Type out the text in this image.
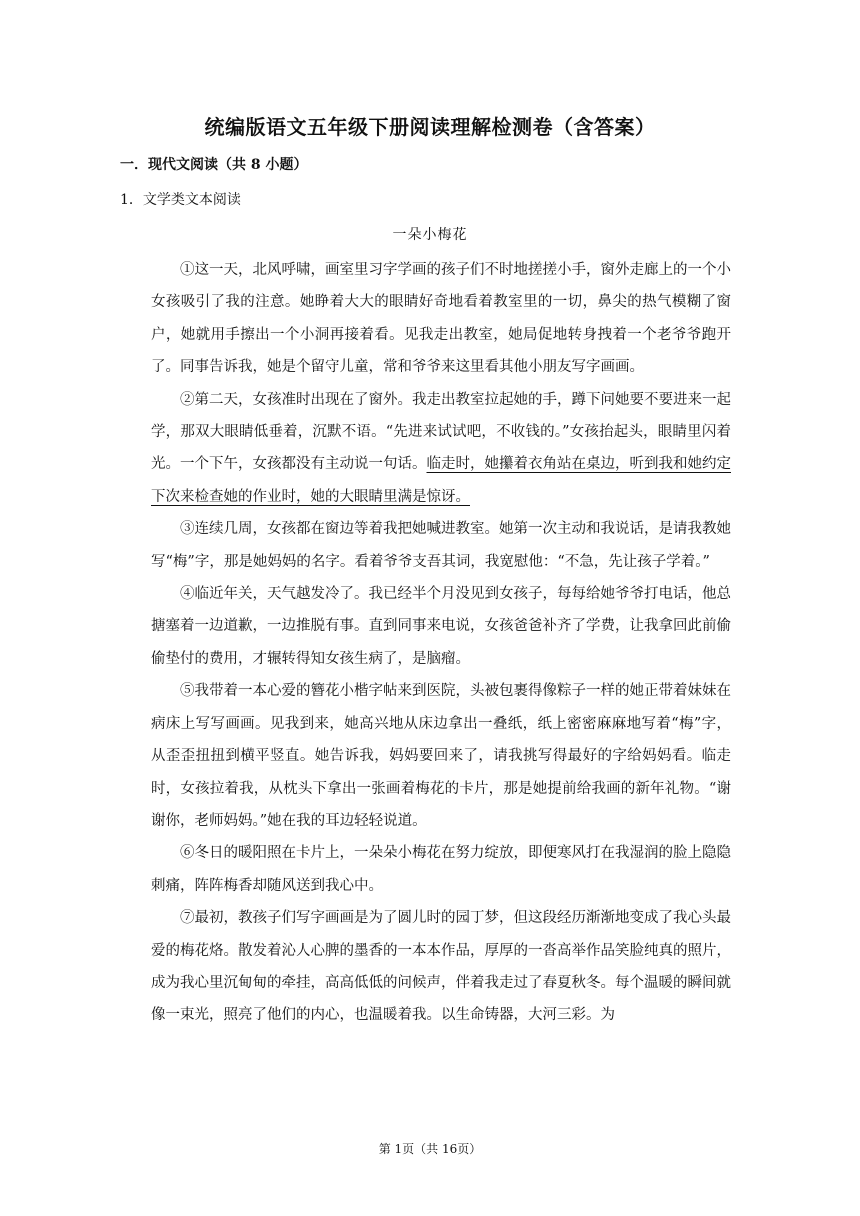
统编版语文五年级下册阅读理解检测卷（含答案）
一．现代文阅读（共 8 小题）
1．文学类文本阅读
一朵小梅花

①这一天，北风呼啸，画室里习字学画的孩子们不时地搓搓小手，窗外走廊上的一个小女孩吸引了我的注意。她睁着大大的眼睛好奇地看着教室里的一切，鼻尖的热气模糊了窗户，她就用手擦出一个小洞再接着看。见我走出教室，她局促地转身拽着一个老爷爷跑开了。同事告诉我，她是个留守儿童，常和爷爷来这里看其他小朋友写字画画。

②第二天，女孩准时出现在了窗外。我走出教室拉起她的手，蹲下问她要不要进来一起学，那双大眼睛低垂着，沉默不语。“先进来试试吧，不收钱的。”女孩抬起头，眼睛里闪着光。一个下午，女孩都没有主动说一句话。临走时，她攥着衣角站在桌边，听到我和她约定下次来检查她的作业时，她的大眼睛里满是惊讶。

③连续几周，女孩都在窗边等着我把她喊进教室。她第一次主动和我说话，是请我教她写“梅”字，那是她妈妈的名字。看着爷爷支吾其词，我宽慰他：“不急，先让孩子学着。”

④临近年关，天气越发冷了。我已经半个月没见到女孩子，每每给她爷爷打电话，他总搪塞着一边道歉，一边推脱有事。直到同事来电说，女孩爸爸补齐了学费，让我拿回此前偷偷垫付的费用，才辗转得知女孩生病了，是脑瘤。

⑤我带着一本心爱的簪花小楷字帖来到医院，头被包裹得像粽子一样的她正带着妹妹在病床上写写画画。见我到来，她高兴地从床边拿出一叠纸，纸上密密麻麻地写着“梅”字，从歪歪扭扭到横平竖直。她告诉我，妈妈要回来了，请我挑写得最好的字给妈妈看。临走时，女孩拉着我，从枕头下拿出一张画着梅花的卡片，那是她提前给我画的新年礼物。“谢谢你，老师妈妈。”她在我的耳边轻轻说道。

⑥冬日的暖阳照在卡片上，一朵朵小梅花在努力绽放，即便寒风打在我湿润的脸上隐隐刺痛，阵阵梅香却随风送到我心中。

⑦最初，教孩子们写字画画是为了圆儿时的园丁梦，但这段经历渐渐地变成了我心头最爱的梅花烙。散发着沁人心脾的墨香的一本本作品，厚厚的一沓高举作品笑脸纯真的照片，成为我心里沉甸甸的牵挂，高高低低的问候声，伴着我走过了春夏秋冬。每个温暖的瞬间就像一束光，照亮了他们的内心，也温暖着我。以生命铸器，大河三彩。为

第 1页（共 16页）
